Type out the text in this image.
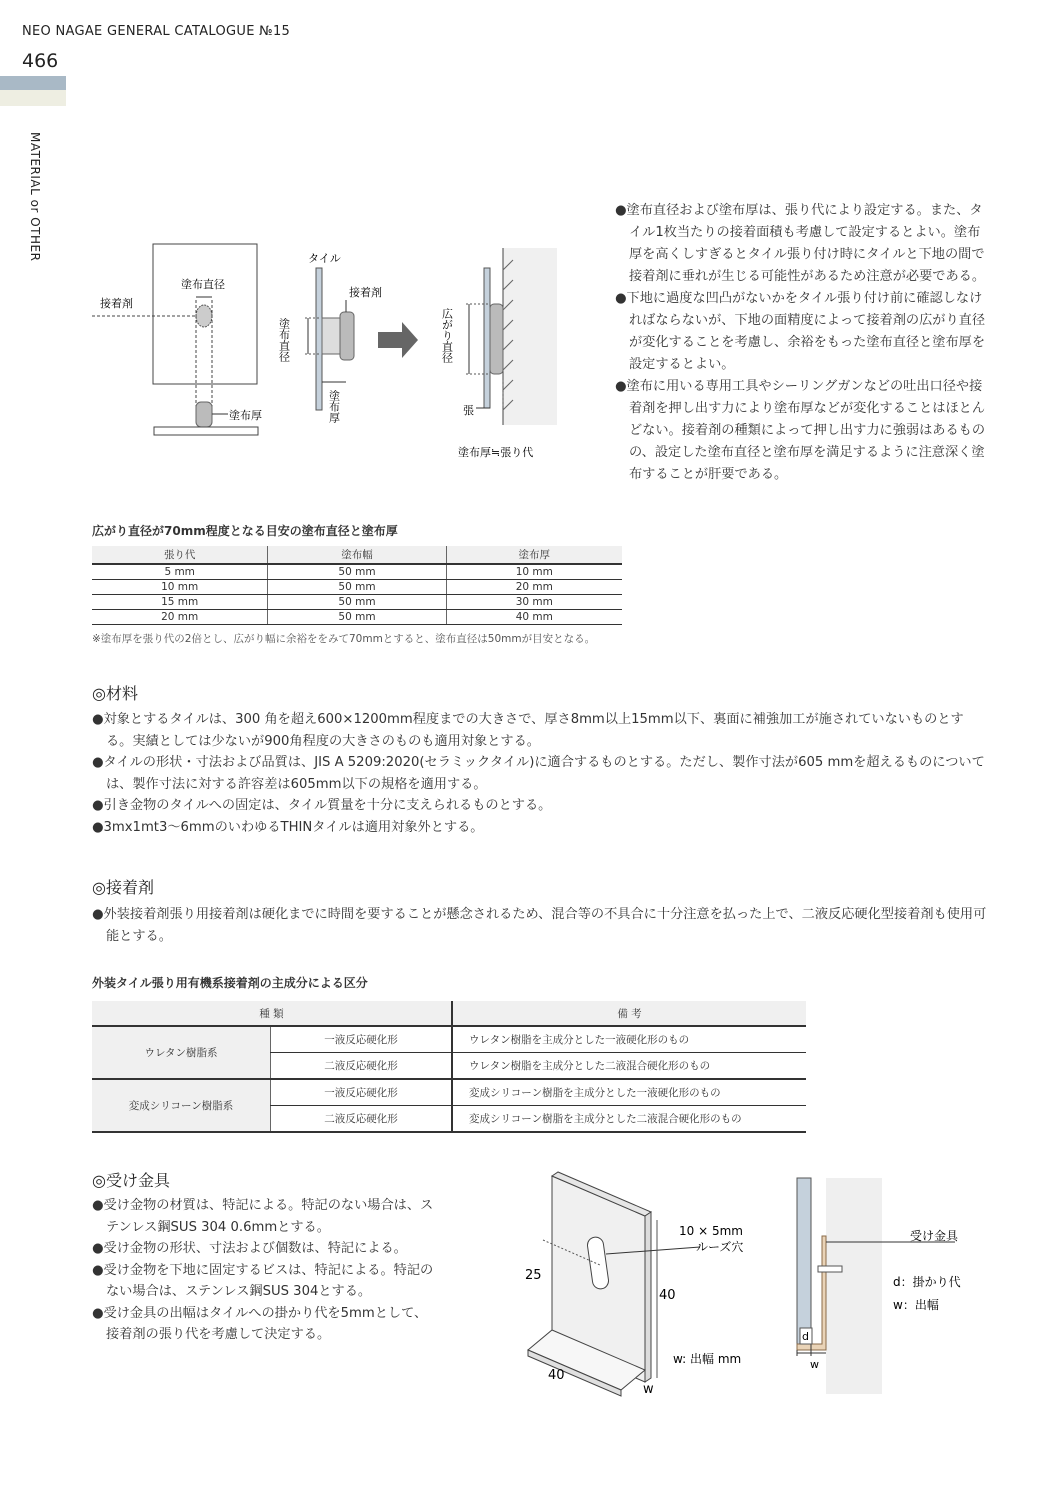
NEO NAGAE GENERAL CATALOGUE №15
466
MATERIAL or OTHER
塗布直径
接着剤
塗布厚
タイル
接着剤
塗布直径
塗布厚
広がり直径
張
塗布厚≒張り代

●塗布直径および塗布厚は、張り代により設定する。また、タイル1枚当たりの接着面積も考慮して設定するとよい。塗布厚を高くしすぎるとタイル張り付け時にタイルと下地の間で接着剤に垂れが生じる可能性があるため注意が必要である。

●下地に過度な凹凸がないかをタイル張り付け前に確認しなければならないが、下地の面精度によって接着剤の広がり直径が変化することを考慮し、余裕をもった塗布直径と塗布厚を設定するとよい。

●塗布に用いる専用工具やシーリングガンなどの吐出口径や接着剤を押し出す力により塗布厚などが変化することはほとんどない。接着剤の種類によって押し出す力に強弱はあるものの、設定した塗布直径と塗布厚を満足するように注意深く塗布することが肝要である。

広がり直径が70mm程度となる目安の塗布直径と塗布厚
張り代	塗布幅	塗布厚
5 mm	50 mm	10 mm
10 mm	50 mm	20 mm
15 mm	50 mm	30 mm
20 mm	50 mm	40 mm
※塗布厚を張り代の2倍とし、広がり幅に余裕ををみて70mmとすると、塗布直径は50mmが目安となる。
◎材料

●対象とするタイルは、300 角を超え600×1200mm程度までの大きさで、厚さ8mm以上15mm以下、裏面に補強加工が施されていないものとする。実績としては少ないが900角程度の大きさのものも適用対象とする。

●タイルの形状・寸法および品質は、JIS A 5209:2020(セラミックタイル)に適合するものとする。ただし、製作寸法が605 mmを超えるものについては、製作寸法に対する許容差は605mm以下の規格を適用する。

●引き金物のタイルへの固定は、タイル質量を十分に支えられるものとする。

●3mx1mt3～6mmのいわゆるTHINタイルは適用対象外とする。

◎接着剤

●外装接着剤張り用接着剤は硬化までに時間を要することが懸念されるため、混合等の不具合に十分注意を払った上で、二液反応硬化型接着剤も使用可能とする。

外装タイル張り用有機系接着剤の主成分による区分
種 類		備 考
ウレタン樹脂系	一液反応硬化形	ウレタン樹脂を主成分とした一液硬化形のもの
	二液反応硬化形	ウレタン樹脂を主成分とした二液混合硬化形のもの
変成シリコーン樹脂系	一液反応硬化形	変成シリコーン樹脂を主成分とした一液硬化形のもの
	二液反応硬化形	変成シリコーン樹脂を主成分とした二液混合硬化形のもの
◎受け金具

●受け金物の材質は、特記による。特記のない場合は、ステンレス鋼SUS 304 0.6mmとする。

●受け金物の形状、寸法および個数は、特記による。

●受け金物を下地に固定するビスは、特記による。特記のない場合は、ステンレス鋼SUS 304とする。

●受け金具の出幅はタイルへの掛かり代を5mmとして、接着剤の張り代を考慮して決定する。

10 × 5mm
ルーズ穴
25
40
40
w
w: 出幅 mm
d
w
受け金具
d：掛かり代
w：出幅
